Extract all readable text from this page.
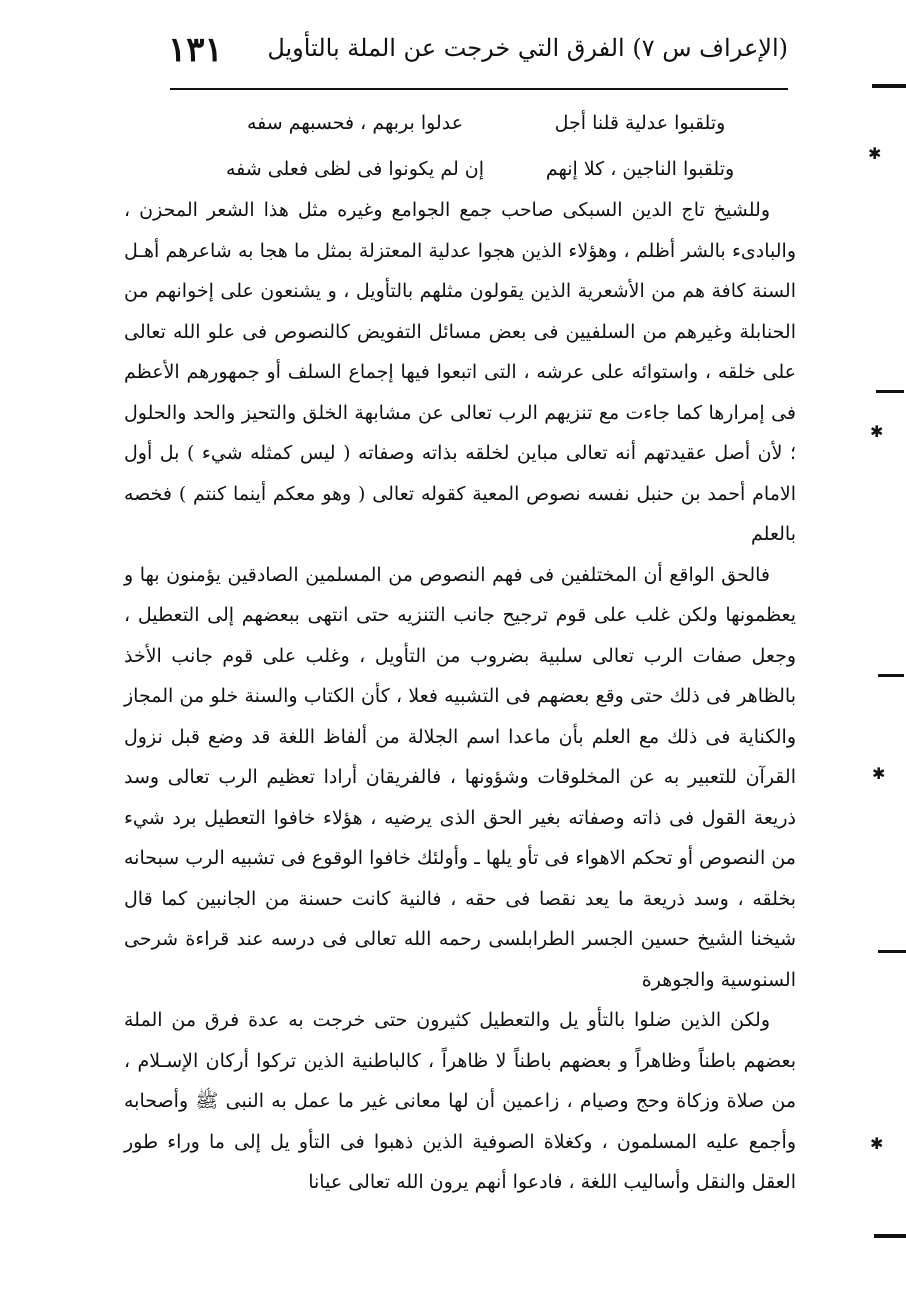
(الإعراف س ٧) الفرق التي خرجت عن الملة بالتأويل
١٣١
وتلقبوا عدلية قلنا أجلعدلوا بربهم ، فحسبهم سفه
وتلقبوا الناجين ، كلا إنهمإن لم يكونوا فى لظى فعلى شفه

وللشيخ تاج الدين السبكى صاحب جمع الجوامع وغيره مثل هذا الشعر المحزن ، والبادىء بالشر أظلم ، وهؤلاء الذين هجوا عدلية المعتزلة بمثل ما هجا به شاعرهم أهـل السنة كافة هم من الأشعرية الذين يقولون مثلهم بالتأويل ، و يشنعون على إخوانهم من الحنابلة وغيرهم من السلفيين فى بعض مسائل التفويض كالنصوص فى علو الله تعالى على خلقه ، واستوائه على عرشه ، التى اتبعوا فيها إجماع السلف أو جمهورهم الأعظم فى إمرارها كما جاءت مع تنزيهم الرب تعالى عن مشابهة الخلق والتحيز والحد والحلول ؛ لأن أصل عقيدتهم أنه تعالى مباين لخلقه بذاته وصفاته ( ليس كمثله شيء ) بل أول الامام أحمد بن حنبل نفسه نصوص المعية كقوله تعالى ( وهو معكم أينما كنتم ) فخصه بالعلم

فالحق الواقع أن المختلفين فى فهم النصوص من المسلمين الصادقين يؤمنون بها و يعظمونها ولكن غلب على قوم ترجيح جانب التنزيه حتى انتهى ببعضهم إلى التعطيل ، وجعل صفات الرب تعالى سلبية بضروب من التأويل ، وغلب على قوم جانب الأخذ بالظاهر فى ذلك حتى وقع بعضهم فى التشبيه فعلا ، كأن الكتاب والسنة خلو من المجاز والكناية فى ذلك مع العلم بأن ماعدا اسم الجلالة من ألفاظ اللغة قد وضع قبل نزول القرآن للتعبير به عن المخلوقات وشؤونها ، فالفريقان أرادا تعظيم الرب تعالى وسد ذريعة القول فى ذاته وصفاته بغير الحق الذى يرضيه ، هؤلاء خافوا التعطيل برد شيء من النصوص أو تحكم الاهواء فى تأو يلها ـ وأولئك خافوا الوقوع فى تشبيه الرب سبحانه بخلقه ، وسد ذريعة ما يعد نقصا فى حقه ، فالنية كانت حسنة من الجانبين كما قال شيخنا الشيخ حسين الجسر الطرابلسى رحمه الله تعالى فى درسه عند قراءة شرحى السنوسية والجوهرة

ولكن الذين ضلوا بالتأو يل والتعطيل كثيرون حتى خرجت به عدة فرق من الملة بعضهم باطناً وظاهراً و بعضهم باطناً لا ظاهراً ، كالباطنية الذين تركوا أركان الإسـلام ، من صلاة وزكاة وحج وصيام ، زاعمين أن لها معانى غير ما عمل به النبى ﷺ وأصحابه وأجمع عليه المسلمون ، وكغلاة الصوفية الذين ذهبوا فى التأو يل إلى ما وراء طور العقل والنقل وأساليب اللغة ، فادعوا أنهم يرون الله تعالى عيانا

✱
✱
✱
✱
